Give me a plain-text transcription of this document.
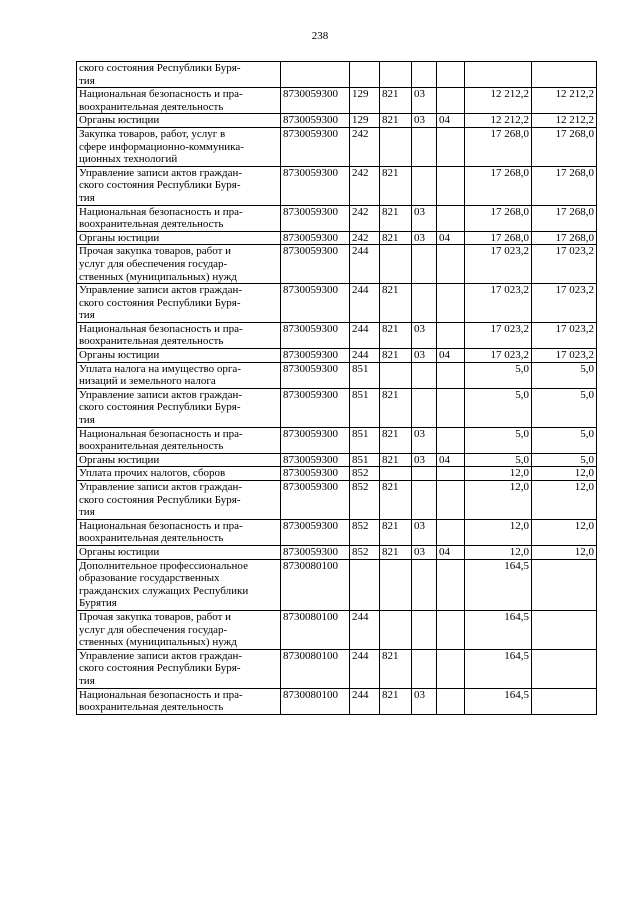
238
ского состояния Республики Буря-
тия							
Национальная безопасность и пра-
воохранительная деятельность	8730059300	129	821	03		12 212,2	12 212,2
Органы юстиции	8730059300	129	821	03	04	12 212,2	12 212,2
Закупка товаров, работ, услуг в
сфере информационно-коммуника-
ционных технологий	8730059300	242				17 268,0	17 268,0
Управление записи актов граждан-
ского состояния Республики Буря-
тия	8730059300	242	821			17 268,0	17 268,0
Национальная безопасность и пра-
воохранительная деятельность	8730059300	242	821	03		17 268,0	17 268,0
Органы юстиции	8730059300	242	821	03	04	17 268,0	17 268,0
Прочая закупка товаров, работ и
услуг для обеспечения государ-
ственных (муниципальных) нужд	8730059300	244				17 023,2	17 023,2
Управление записи актов граждан-
ского состояния Республики Буря-
тия	8730059300	244	821			17 023,2	17 023,2
Национальная безопасность и пра-
воохранительная деятельность	8730059300	244	821	03		17 023,2	17 023,2
Органы юстиции	8730059300	244	821	03	04	17 023,2	17 023,2
Уплата налога на имущество орга-
низаций и земельного налога	8730059300	851				5,0	5,0
Управление записи актов граждан-
ского состояния Республики Буря-
тия	8730059300	851	821			5,0	5,0
Национальная безопасность и пра-
воохранительная деятельность	8730059300	851	821	03		5,0	5,0
Органы юстиции	8730059300	851	821	03	04	5,0	5,0
Уплата прочих налогов, сборов	8730059300	852				12,0	12,0
Управление записи актов граждан-
ского состояния Республики Буря-
тия	8730059300	852	821			12,0	12,0
Национальная безопасность и пра-
воохранительная деятельность	8730059300	852	821	03		12,0	12,0
Органы юстиции	8730059300	852	821	03	04	12,0	12,0
Дополнительное профессиональное
образование государственных
гражданских служащих Республики
Бурятия	8730080100					164,5	
Прочая закупка товаров, работ и
услуг для обеспечения государ-
ственных (муниципальных) нужд	8730080100	244				164,5	
Управление записи актов граждан-
ского состояния Республики Буря-
тия	8730080100	244	821			164,5	
Национальная безопасность и пра-
воохранительная деятельность	8730080100	244	821	03		164,5	
